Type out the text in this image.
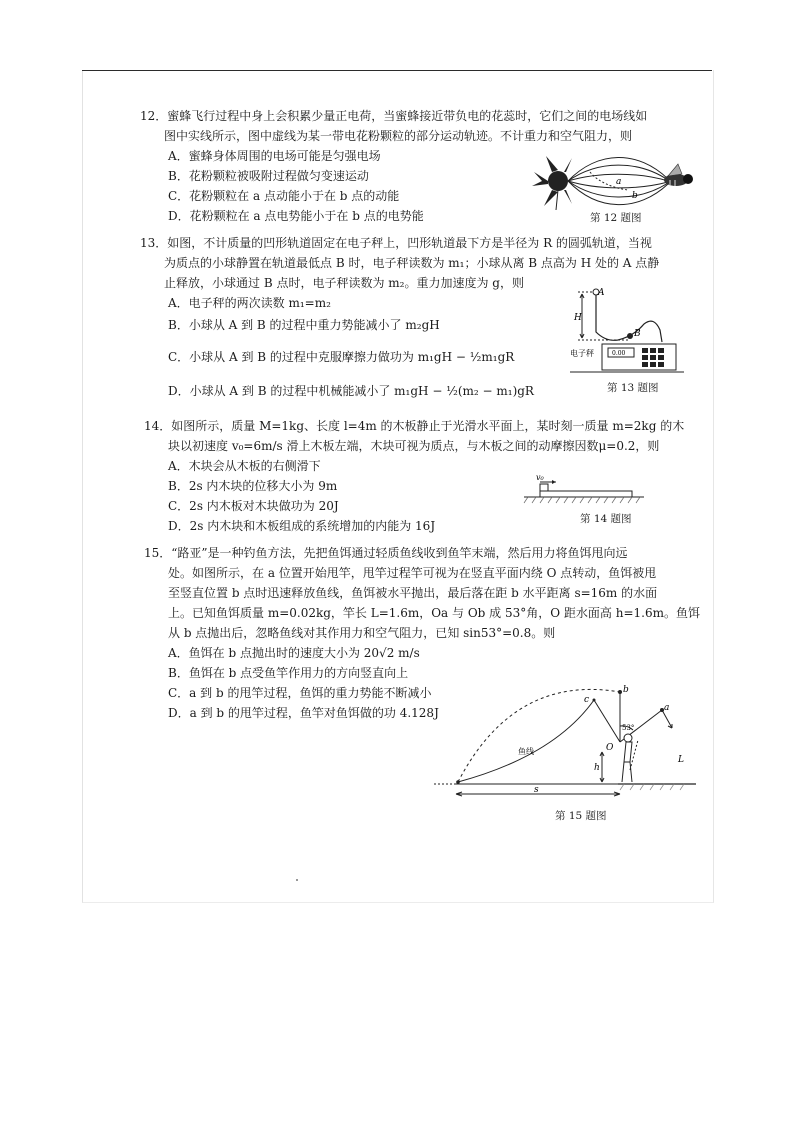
12．蜜蜂飞行过程中身上会积累少量正电荷，当蜜蜂接近带负电的花蕊时，它们之间的电场线如

图中实线所示，图中虚线为某一带电花粉颗粒的部分运动轨迹。不计重力和空气阻力，则

A．蜜蜂身体周围的电场可能是匀强电场

B．花粉颗粒被吸附过程做匀变速运动

C．花粉颗粒在 a 点动能小于在 b 点的动能

D．花粉颗粒在 a 点电势能小于在 b 点的电势能

a
b
第 12 题图

13．如图，不计质量的凹形轨道固定在电子秤上，凹形轨道最下方是半径为 R 的圆弧轨道，当视

为质点的小球静置在轨道最低点 B 时，电子秤读数为 m₁；小球从离 B 点高为 H 处的 A 点静

止释放，小球通过 B 点时，电子秤读数为 m₂。重力加速度为 g，则

A．电子秤的两次读数 m₁=m₂

B．小球从 A 到 B 的过程中重力势能减小了 m₂gH

C．小球从 A 到 B 的过程中克服摩擦力做功为 m₁gH − ½m₁gR

D．小球从 A 到 B 的过程中机械能减小了 m₁gH − ½(m₂ − m₁)gR

A
H
B
0.00
电子秤
第 13 题图

14．如图所示，质量 M=1kg、长度 l=4m 的木板静止于光滑水平面上，某时刻一质量 m=2kg 的木

块以初速度 v₀=6m/s 滑上木板左端，木块可视为质点，与木板之间的动摩擦因数μ=0.2，则

A．木块会从木板的右侧滑下

B．2s 内木块的位移大小为 9m

C．2s 内木板对木块做功为 20J

D．2s 内木块和木板组成的系统增加的内能为 16J

v₀
第 14 题图

15．“路亚”是一种钓鱼方法，先把鱼饵通过轻质鱼线收到鱼竿末端，然后用力将鱼饵甩向远

处。如图所示，在 a 位置开始甩竿，甩竿过程竿可视为在竖直平面内绕 O 点转动，鱼饵被甩

至竖直位置 b 点时迅速释放鱼线，鱼饵被水平抛出，最后落在距 b 水平距离 s=16m 的水面

上。已知鱼饵质量 m=0.02kg，竿长 L=1.6m，Oa 与 Ob 成 53°角，O 距水面高 h=1.6m。鱼饵

从 b 点抛出后，忽略鱼线对其作用力和空气阻力，已知 sin53°=0.8。则

A．鱼饵在 b 点抛出时的速度大小为 20√2 m/s

B．鱼饵在 b 点受鱼竿作用力的方向竖直向上

C．a 到 b 的甩竿过程，鱼饵的重力势能不断减小

D．a 到 b 的甩竿过程，鱼竿对鱼饵做的功 4.128J

b
c
a
53°
鱼线	O
h
L
s
第 15 题图
